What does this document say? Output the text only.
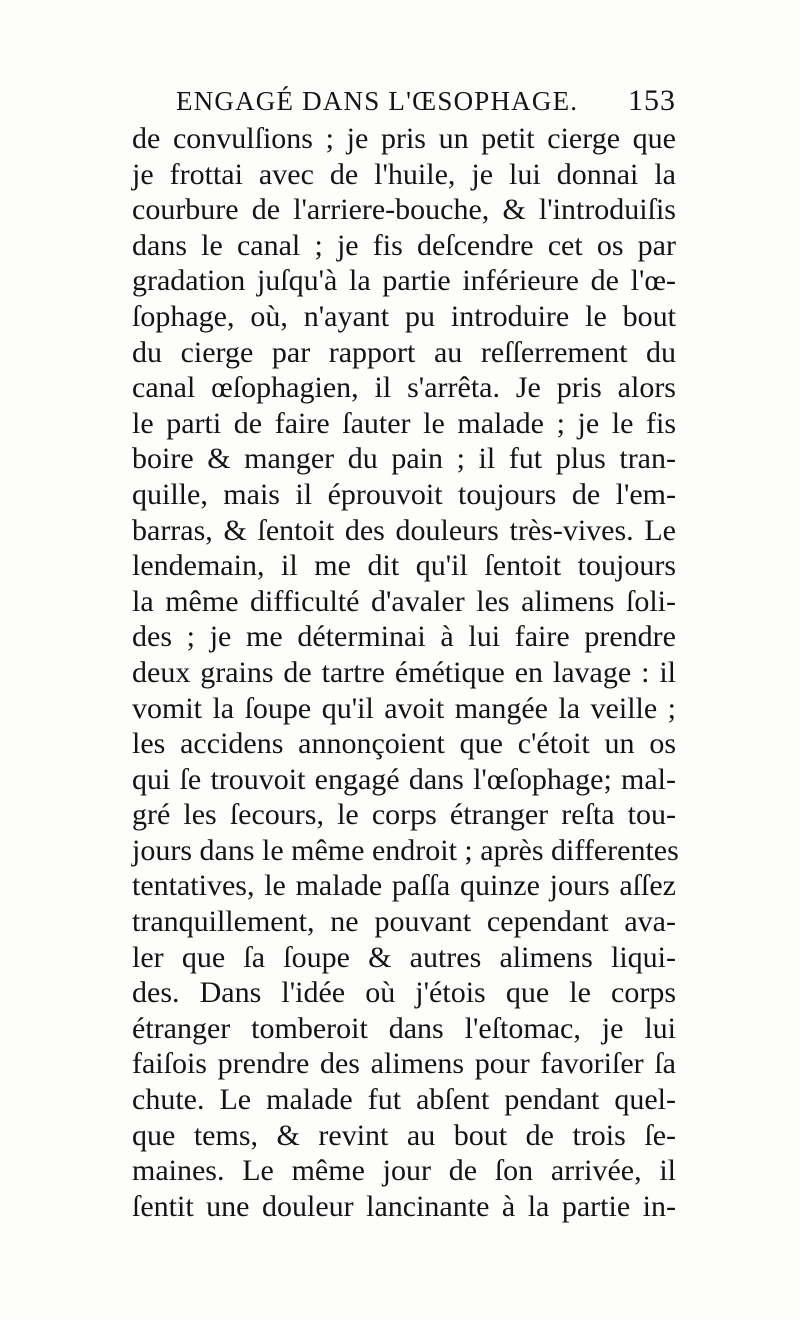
ENGAGÉ DANS L'ŒSOPHAGE. 153
de convulſions ; je pris un petit cierge que
je frottai avec de l'huile, je lui donnai la
courbure de l'arriere-bouche, & l'introduiſis
dans le canal ; je fis deſcendre cet os par
gradation juſqu'à la partie inférieure de l'œ-
ſophage, où, n'ayant pu introduire le bout
du cierge par rapport au reſſerrement du
canal œſophagien, il s'arrêta. Je pris alors
le parti de faire ſauter le malade ; je le fis
boire & manger du pain ; il fut plus tran-
quille, mais il éprouvoit toujours de l'em-
barras, & ſentoit des douleurs très-vives. Le
lendemain, il me dit qu'il ſentoit toujours
la même difficulté d'avaler les alimens ſoli-
des ; je me déterminai à lui faire prendre
deux grains de tartre émétique en lavage : il
vomit la ſoupe qu'il avoit mangée la veille ;
les accidens annonçoient que c'étoit un os
qui ſe trouvoit engagé dans l'œſophage; mal-
gré les ſecours, le corps étranger reſta tou-
jours dans le même endroit ; après differentes
tentatives, le malade paſſa quinze jours aſſez
tranquillement, ne pouvant cependant ava-
ler que ſa ſoupe & autres alimens liqui-
des. Dans l'idée où j'étois que le corps
étranger tomberoit dans l'eſtomac, je lui
faiſois prendre des alimens pour favoriſer ſa
chute. Le malade fut abſent pendant quel-
que tems, & revint au bout de trois ſe-
maines. Le même jour de ſon arrivée, il
ſentit une douleur lancinante à la partie in-
